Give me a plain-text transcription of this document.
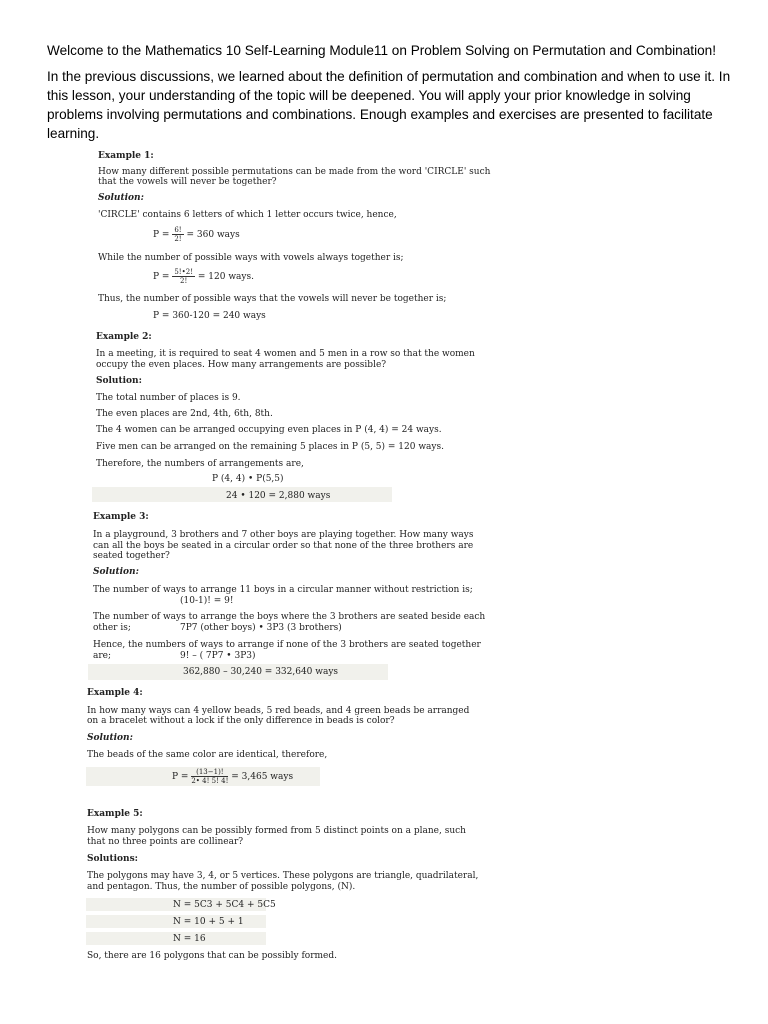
Welcome to the Mathematics 10 Self-Learning Module11 on Problem Solving on Permutation and Combination!
In the previous discussions, we learned about the definition of permutation and combination and when to use it. In this lesson, your understanding of the topic will be deepened. You will apply your prior knowledge in solving problems involving permutations and combinations. Enough examples and exercises are presented to facilitate learning.
Example 1:
How many different possible permutations can be made from the word 'CIRCLE' such
that the vowels will never be together?
Solution:
'CIRCLE' contains 6 letters of which 1 letter occurs twice, hence,
$P = \frac{6!}{2!} = 360$ ways
While the number of possible ways with vowels always together is;
$P = \frac{5!•2!}{2!} = 120$ ways.
Thus, the number of possible ways that the vowels will never be together is;
P = 360-120 = 240 ways
Example 2:
In a meeting, it is required to seat 4 women and 5 men in a row so that the women
occupy the even places. How many arrangements are possible?
Solution:
The total number of places is 9.
The even places are 2nd, 4th, 6th, 8th.
The 4 women can be arranged occupying even places in P (4, 4) = 24 ways.
Five men can be arranged on the remaining 5 places in P (5, 5) = 120 ways.
Therefore, the numbers of arrangements are,
P (4, 4) • P(5,5)
24 • 120 = 2,880 ways
Example 3:
In a playground, 3 brothers and 7 other boys are playing together. How many ways
can all the boys be seated in a circular order so that none of the three brothers are
seated together?
Solution:
The number of ways to arrange 11 boys in a circular manner without restriction is;
(10-1)! = 9!
The number of ways to arrange the boys where the 3 brothers are seated beside each
other is;	7P7 (other boys) • 3P3 (3 brothers)
Hence, the numbers of ways to arrange if none of the 3 brothers are seated together
are;	9! – ( 7P7 • 3P3)
362,880 – 30,240 = 332,640 ways
Example 4:
In how many ways can 4 yellow beads, 5 red beads, and 4 green beads be arranged
on a bracelet without a lock if the only difference in beads is color?
Solution:
The beads of the same color are identical, therefore,
$P = \frac{(13-1)!}{2• 4! 5! 4!} = 3,465$ ways
Example 5:
How many polygons can be possibly formed from 5 distinct points on a plane, such
that no three points are collinear?
Solutions:
The polygons may have 3, 4, or 5 vertices. These polygons are triangle, quadrilateral,
and pentagon. Thus, the number of possible polygons, (N).
N = 5C3 + 5C4 + 5C5
N = 10 + 5 + 1
N = 16
So, there are 16 polygons that can be possibly formed.
